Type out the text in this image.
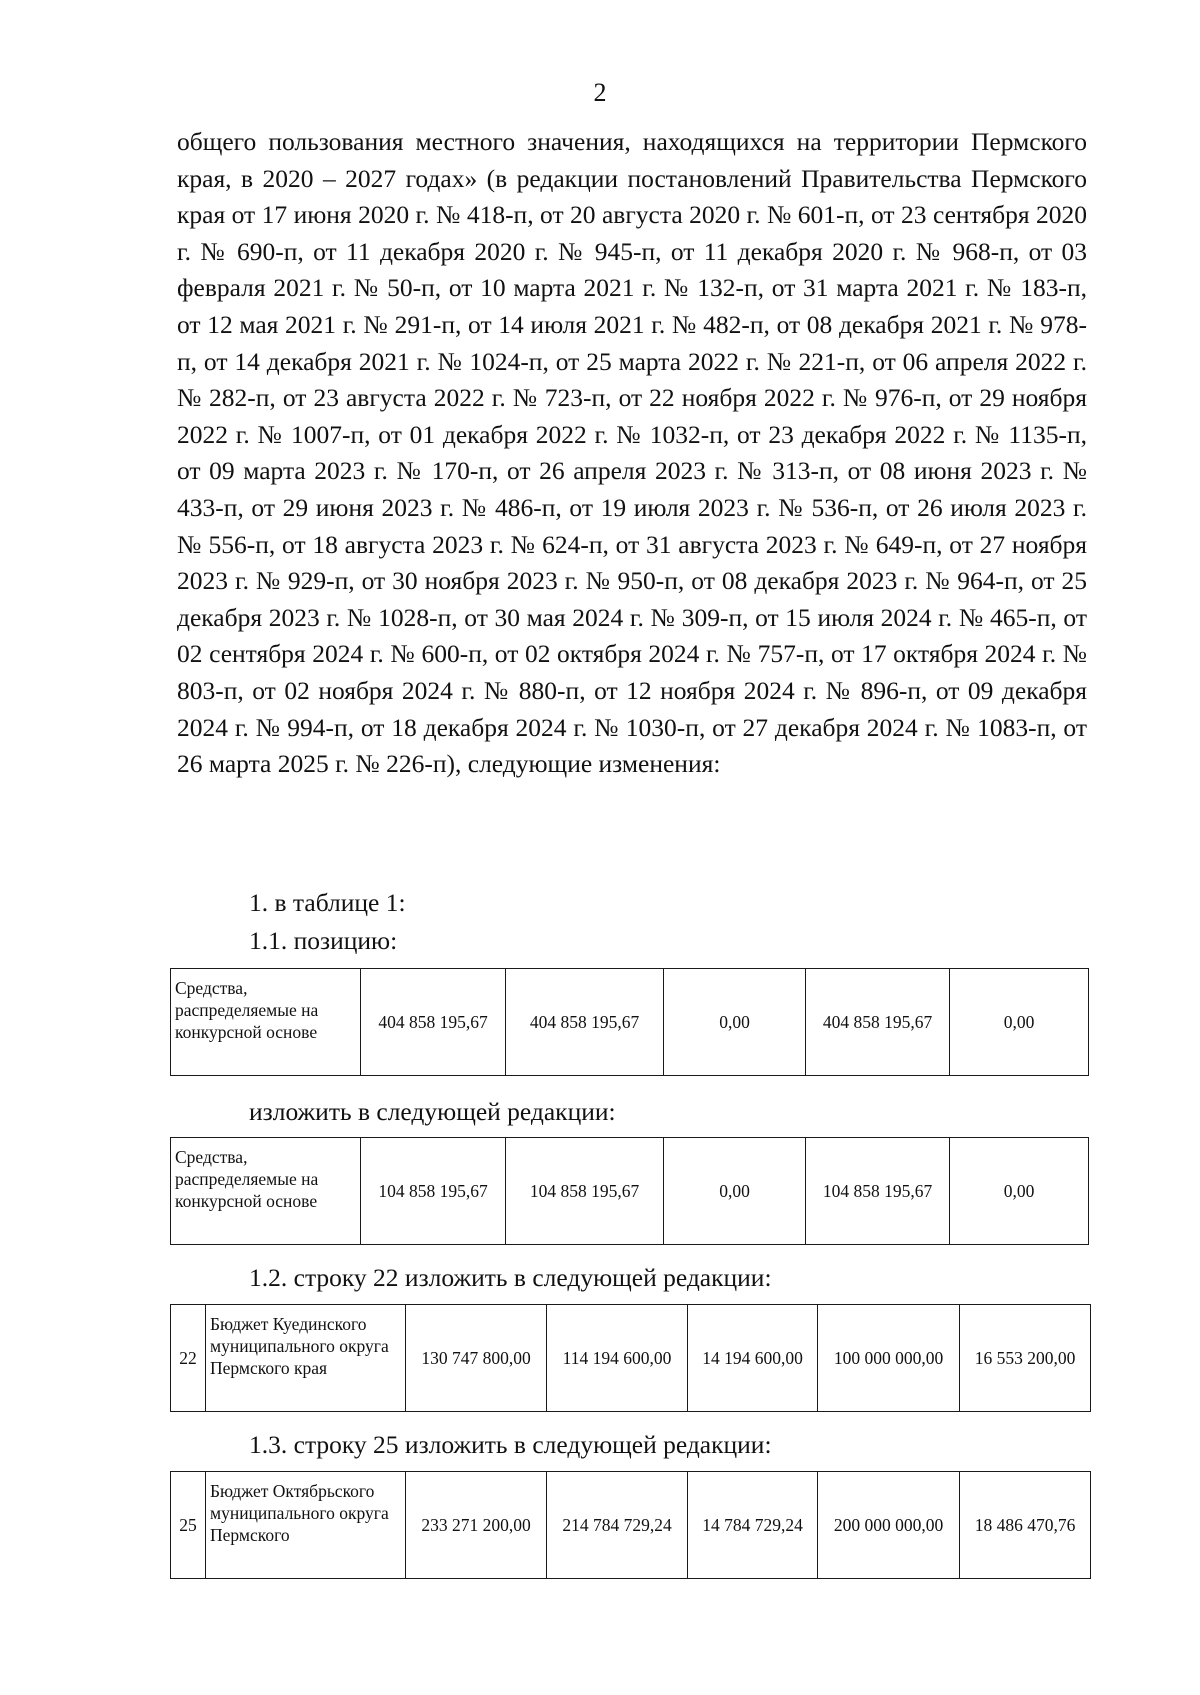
2

общего пользования местного значения, находящихся на территории Пермского края, в 2020 – 2027 годах» (в редакции постановлений Правительства Пермского края от 17 июня 2020 г. № 418-п, от 20 августа 2020 г. № 601-п, от 23 сентября 2020 г. № 690-п, от 11 декабря 2020 г. № 945-п, от 11 декабря 2020 г. № 968-п, от 03 февраля 2021 г. № 50-п, от 10 марта 2021 г. № 132-п, от 31 марта 2021 г. № 183-п, от 12 мая 2021 г. № 291-п, от 14 июля 2021 г. № 482-п, от 08 декабря 2021 г. № 978-п, от 14 декабря 2021 г. № 1024-п, от 25 марта 2022 г. № 221-п, от 06 апреля 2022 г. № 282-п, от 23 августа 2022 г. № 723-п, от 22 ноября 2022 г. № 976-п, от 29 ноября 2022 г. № 1007-п, от 01 декабря 2022 г. № 1032-п, от 23 декабря 2022 г. № 1135-п, от 09 марта 2023 г. № 170-п, от 26 апреля 2023 г. № 313-п, от 08 июня 2023 г. № 433-п, от 29 июня 2023 г. № 486-п, от 19 июля 2023 г. № 536-п, от 26 июля 2023 г. № 556-п, от 18 августа 2023 г. № 624-п, от 31 августа 2023 г. № 649-п, от 27 ноября 2023 г. № 929-п, от 30 ноября 2023 г. № 950-п, от 08 декабря 2023 г. № 964-п, от 25 декабря 2023 г. № 1028-п, от 30 мая 2024 г. № 309-п, от 15 июля 2024 г. № 465-п, от 02 сентября 2024 г. № 600-п, от 02 октября 2024 г. № 757-п, от 17 октября 2024 г. № 803-п, от 02 ноября 2024 г. № 880-п, от 12 ноября 2024 г. № 896-п, от 09 декабря 2024 г. № 994-п, от 18 декабря 2024 г. № 1030-п, от 27 декабря 2024 г. № 1083-п, от 26 марта 2025 г. № 226-п), следующие изменения:

1. в таблице 1:

1.1. позицию:

Средства, распределяемые на конкурсной основе	404 858 195,67	404 858 195,67	0,00	404 858 195,67	0,00

изложить в следующей редакции:

Средства, распределяемые на конкурсной основе	104 858 195,67	104 858 195,67	0,00	104 858 195,67	0,00

1.2. строку 22 изложить в следующей редакции:

22	Бюджет Куединского муниципального округа Пермского края	130 747 800,00	114 194 600,00	14 194 600,00	100 000 000,00	16 553 200,00

1.3. строку 25 изложить в следующей редакции:

25	Бюджет Октябрьского муниципального округа Пермского	233 271 200,00	214 784 729,24	14 784 729,24	200 000 000,00	18 486 470,76
